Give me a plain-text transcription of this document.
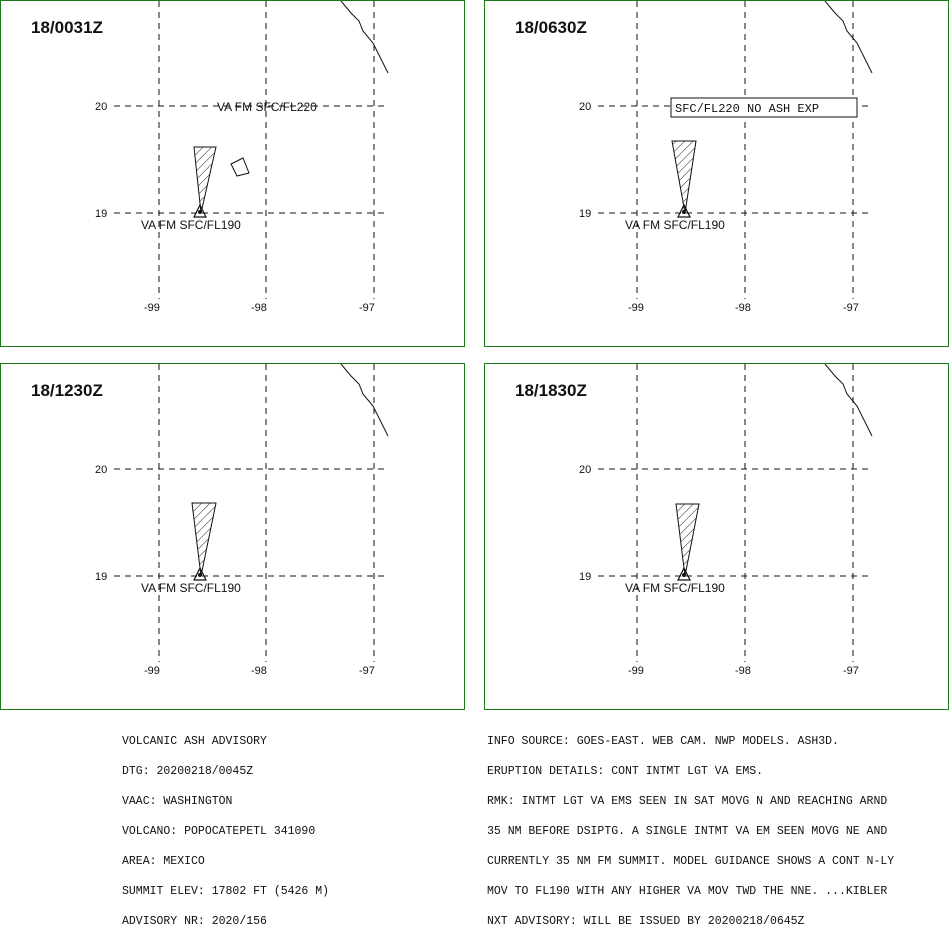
20
19
-99	-98	-97
VA FM SFC/FL220
VA FM SFC/FL190
18/0031Z
SFC/FL220 NO ASH EXP
20
19
-99	-98	-97
VA FM SFC/FL190
18/0630Z
20
19
-99	-98	-97
VA FM SFC/FL190
18/1230Z
20
19
-99	-98	-97
VA FM SFC/FL190
18/1830Z

VOLCANIC ASH ADVISORY

DTG: 20200218/0045Z

VAAC: WASHINGTON

VOLCANO: POPOCATEPETL 341090

AREA: MEXICO

SUMMIT ELEV: 17802 FT (5426 M)

ADVISORY NR: 2020/156

INFO SOURCE: GOES-EAST. WEB CAM. NWP MODELS. ASH3D.

ERUPTION DETAILS: CONT INTMT LGT VA EMS.

RMK: INTMT LGT VA EMS SEEN IN SAT MOVG N AND REACHING ARND

35 NM BEFORE DSIPTG. A SINGLE INTMT VA EM SEEN MOVG NE AND

CURRENTLY 35 NM FM SUMMIT. MODEL GUIDANCE SHOWS A CONT N-LY

MOV TO FL190 WITH ANY HIGHER VA MOV TWD THE NNE. ...KIBLER

NXT ADVISORY: WILL BE ISSUED BY 20200218/0645Z
